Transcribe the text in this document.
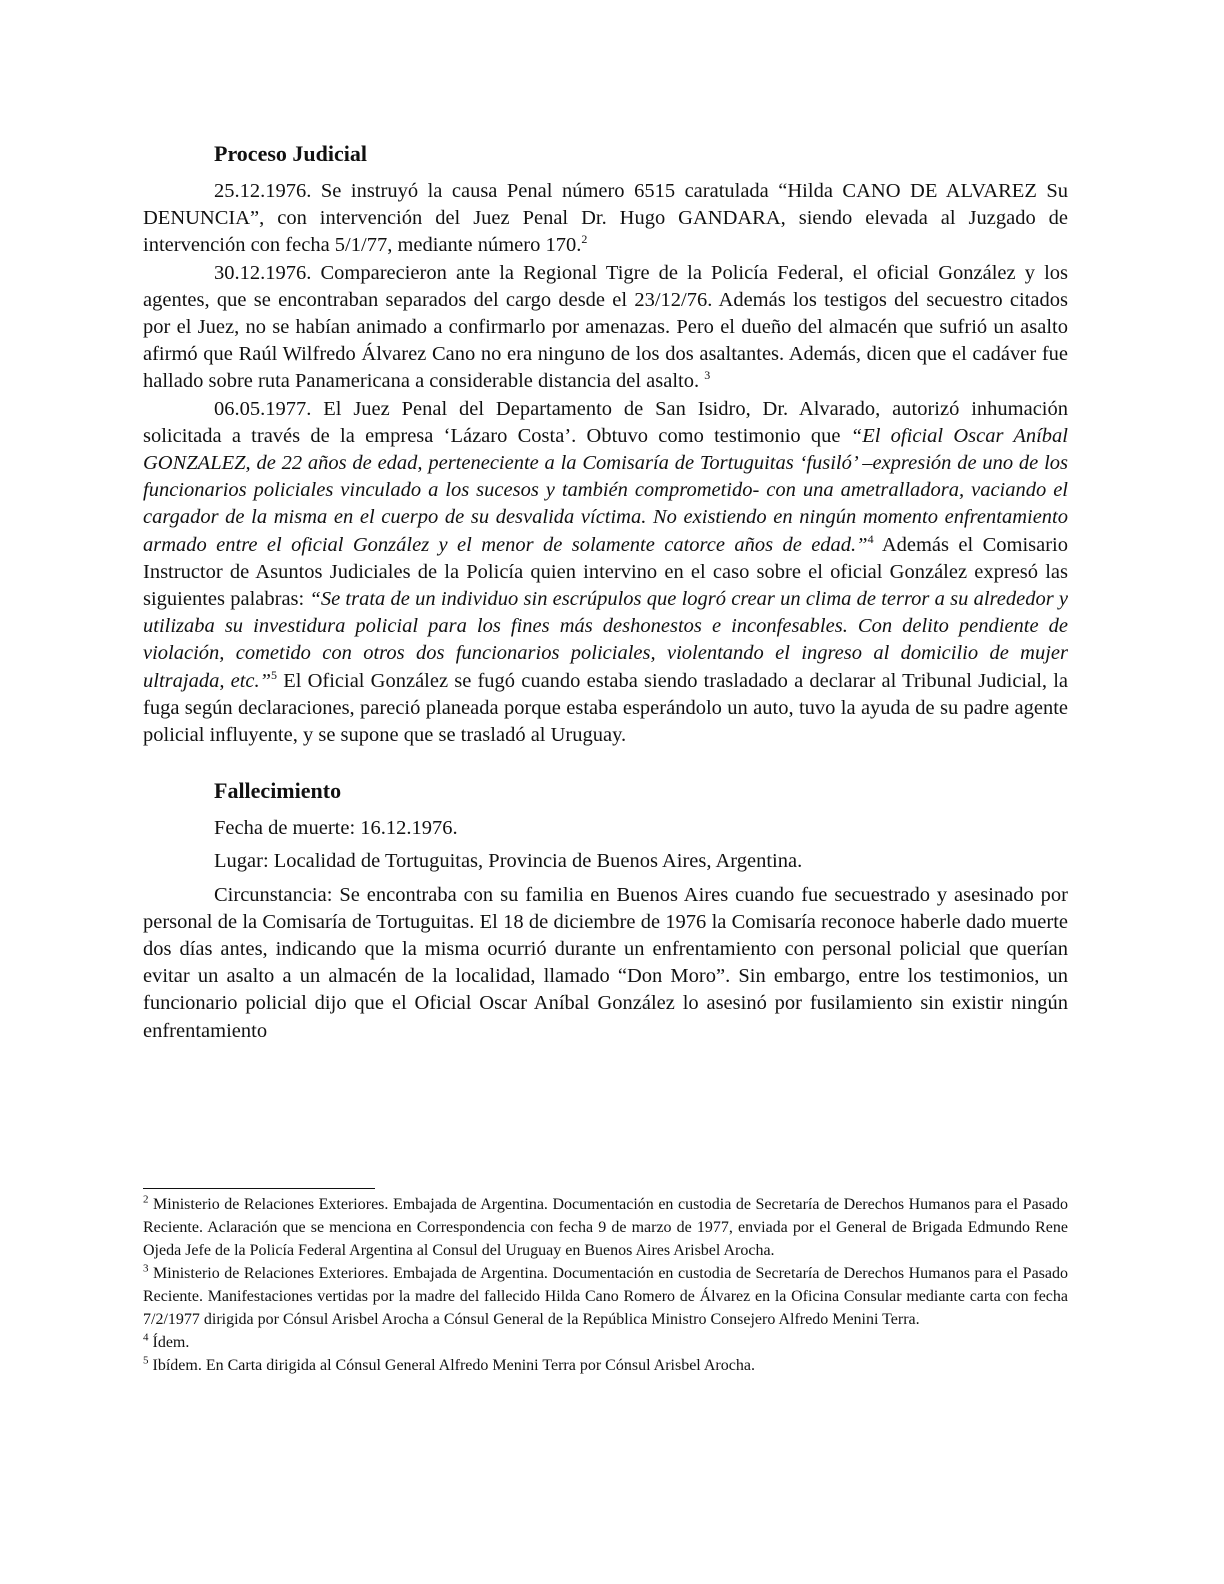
Proceso Judicial

25.12.1976. Se instruyó la causa Penal número 6515 caratulada “Hilda CANO DE ALVAREZ Su DENUNCIA”, con intervención del Juez Penal Dr. Hugo GANDARA, siendo elevada al Juzgado de intervención con fecha 5/1/77, mediante número 170.$^2$

30.12.1976. Comparecieron ante la Regional Tigre de la Policía Federal, el oficial González y los agentes, que se encontraban separados del cargo desde el 23/12/76. Además los testigos del secuestro citados por el Juez, no se habían animado a confirmarlo por amenazas. Pero el dueño del almacén que sufrió un asalto afirmó que Raúl Wilfredo Álvarez Cano no era ninguno de los dos asaltantes. Además, dicen que el cadáver fue hallado sobre ruta Panamericana a considerable distancia del asalto. $^3$

06.05.1977. El Juez Penal del Departamento de San Isidro, Dr. Alvarado, autorizó inhumación solicitada a través de la empresa ‘Lázaro Costa’. Obtuvo como testimonio que “El oficial Oscar Aníbal GONZALEZ, de 22 años de edad, perteneciente a la Comisaría de Tortuguitas ‘fusiló’ –expresión de uno de los funcionarios policiales vinculado a los sucesos y también comprometido- con una ametralladora, vaciando el cargador de la misma en el cuerpo de su desvalida víctima. No existiendo en ningún momento enfrentamiento armado entre el oficial González y el menor de solamente catorce años de edad.”$^4$ Además el Comisario Instructor de Asuntos Judiciales de la Policía quien intervino en el caso sobre el oficial González expresó las siguientes palabras: “Se trata de un individuo sin escrúpulos que logró crear un clima de terror a su alrededor y utilizaba su investidura policial para los fines más deshonestos e inconfesables. Con delito pendiente de violación, cometido con otros dos funcionarios policiales, violentando el ingreso al domicilio de mujer ultrajada, etc.”$^5$ El Oficial González se fugó cuando estaba siendo trasladado a declarar al Tribunal Judicial, la fuga según declaraciones, pareció planeada porque estaba esperándolo un auto, tuvo la ayuda de su padre agente policial influyente, y se supone que se trasladó al Uruguay.

Fallecimiento

Fecha de muerte: 16.12.1976.

Lugar: Localidad de Tortuguitas, Provincia de Buenos Aires, Argentina.

Circunstancia: Se encontraba con su familia en Buenos Aires cuando fue secuestrado y asesinado por personal de la Comisaría de Tortuguitas. El 18 de diciembre de 1976 la Comisaría reconoce haberle dado muerte dos días antes, indicando que la misma ocurrió durante un enfrentamiento con personal policial que querían evitar un asalto a un almacén de la localidad, llamado “Don Moro”. Sin embargo, entre los testimonios, un funcionario policial dijo que el Oficial Oscar Aníbal González lo asesinó por fusilamiento sin existir ningún enfrentamiento

$^2$ Ministerio de Relaciones Exteriores. Embajada de Argentina. Documentación en custodia de Secretaría de Derechos Humanos para el Pasado Reciente. Aclaración que se menciona en Correspondencia con fecha 9 de marzo de 1977, enviada por el General de Brigada Edmundo Rene Ojeda Jefe de la Policía Federal Argentina al Consul del Uruguay en Buenos Aires Arisbel Arocha.

$^3$ Ministerio de Relaciones Exteriores. Embajada de Argentina. Documentación en custodia de Secretaría de Derechos Humanos para el Pasado Reciente. Manifestaciones vertidas por la madre del fallecido Hilda Cano Romero de Álvarez en la Oficina Consular mediante carta con fecha 7/2/1977 dirigida por Cónsul Arisbel Arocha a Cónsul General de la República Ministro Consejero Alfredo Menini Terra.

$^4$ Ídem.

$^5$ Ibídem. En Carta dirigida al Cónsul General Alfredo Menini Terra por Cónsul Arisbel Arocha.
